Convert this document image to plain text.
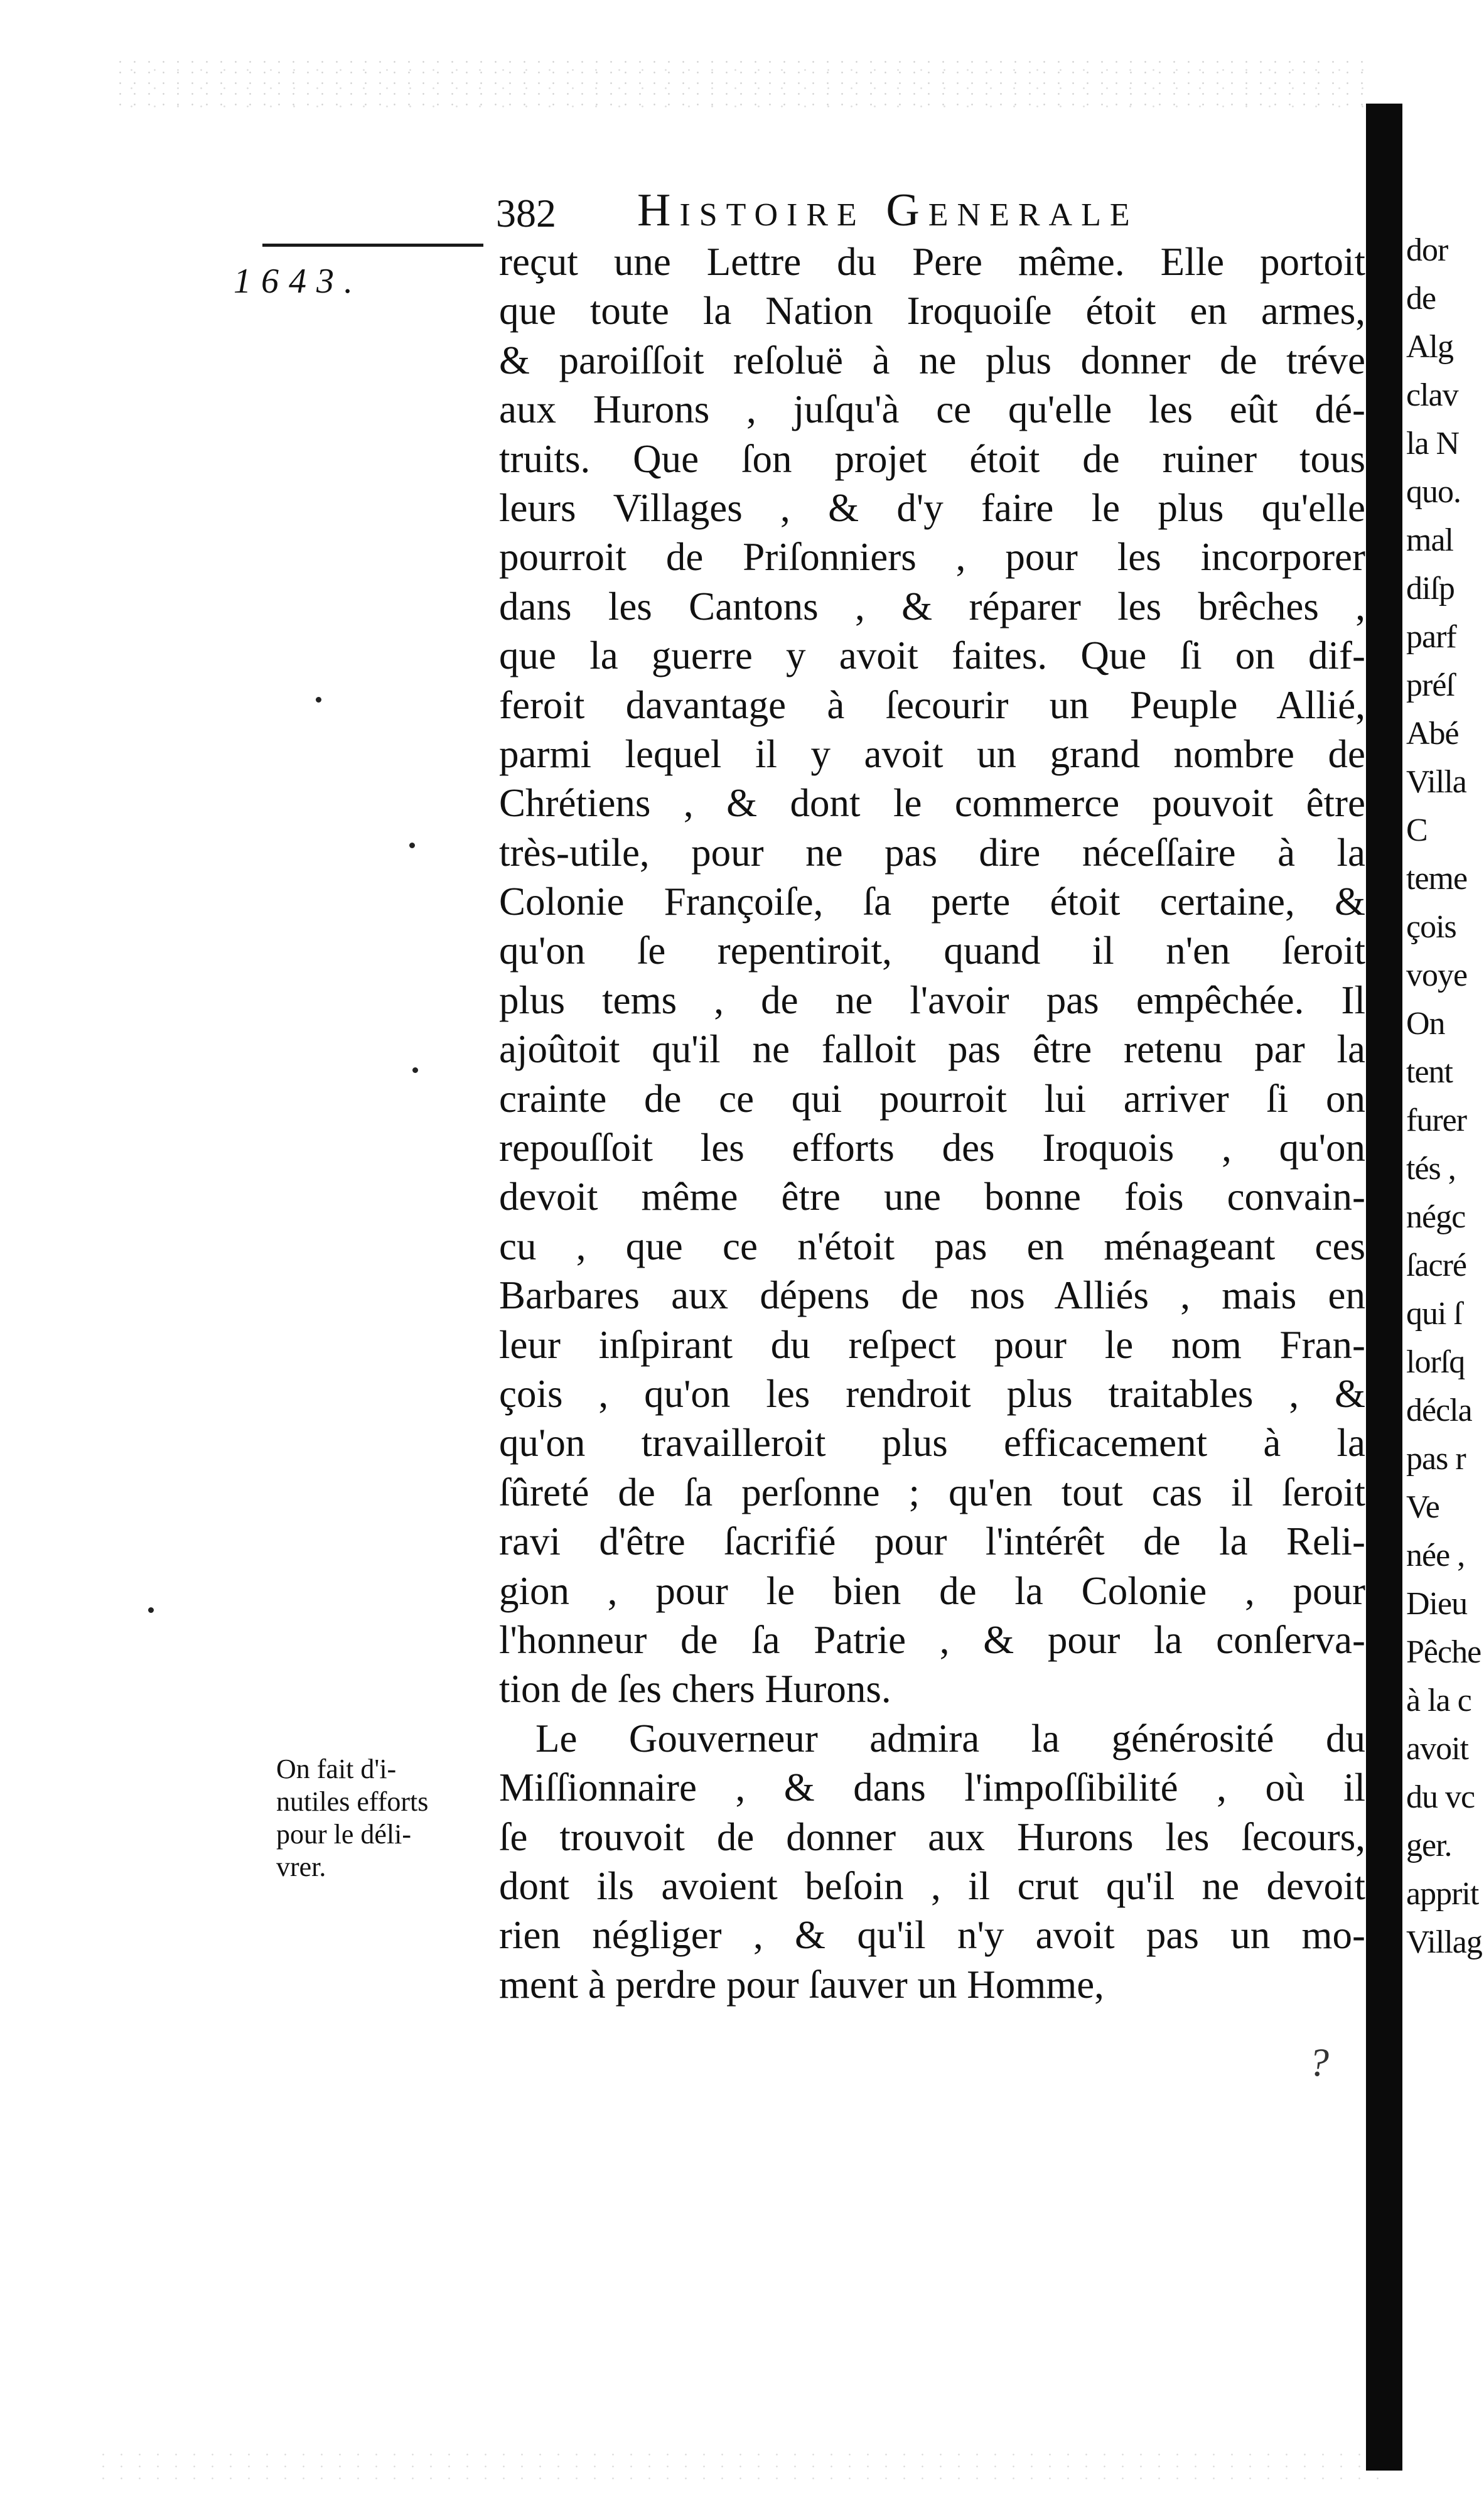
382 Histoire Generale
1643.	reçut une Lettre du Pere même. Elle portoit
que toute la Nation Iroquoiſe étoit en armes,
& paroiſſoit reſoluë à ne plus donner de tréve
aux Hurons , juſqu'à ce qu'elle les eût dé-
truits. Que ſon projet étoit de ruiner tous
leurs Villages , & d'y faire le plus qu'elle
pourroit de Priſonniers , pour les incorporer
dans les Cantons , & réparer les brêches ,
que la guerre y avoit faites. Que ſi on dif-
feroit davantage à ſecourir un Peuple Allié,
parmi lequel il y avoit un grand nombre de
Chrétiens , & dont le commerce pouvoit être
très-utile, pour ne pas dire néceſſaire à la
Colonie Françoiſe, ſa perte étoit certaine, &
qu'on ſe repentiroit, quand il n'en ſeroit
plus tems , de ne l'avoir pas empêchée. Il
ajoûtoit qu'il ne falloit pas être retenu par la
crainte de ce qui pourroit lui arriver ſi on
repouſſoit les efforts des Iroquois , qu'on
devoit même être une bonne fois convain-
cu , que ce n'étoit pas en ménageant ces
Barbares aux dépens de nos Alliés , mais en
leur inſpirant du reſpect pour le nom Fran-
çois , qu'on les rendroit plus traitables , &
qu'on travailleroit plus efficacement à la
ſûreté de ſa perſonne ; qu'en tout cas il ſeroit
ravi d'être ſacrifié pour l'intérêt de la Reli-
gion , pour le bien de la Colonie , pour
l'honneur de ſa Patrie , & pour la conſerva-
tion de ſes chers Hurons.
Le Gouverneur admira la générosité du
Miſſionnaire , & dans l'impoſſibilité , où il
ſe trouvoit de donner aux Hurons les ſecours,
dont ils avoient beſoin , il crut qu'il ne devoit
rien négliger , & qu'il n'y avoit pas un mo-
ment à perdre pour ſauver un Homme,
On fait d'i-
nutiles efforts
pour le déli-
vrer.
?
dor
de
Alg
clav
la N
quo.
mal
diſp
parf
préſ
Abé
Villa
C
teme
çois
voye
On
tent
furer
tés ,
négc
ſacré
qui ſ
lorſq
décla
pas r
Ve
née ,
Dieu
Pêche
à la c
avoit
du vc
ger.
apprit
Villag
